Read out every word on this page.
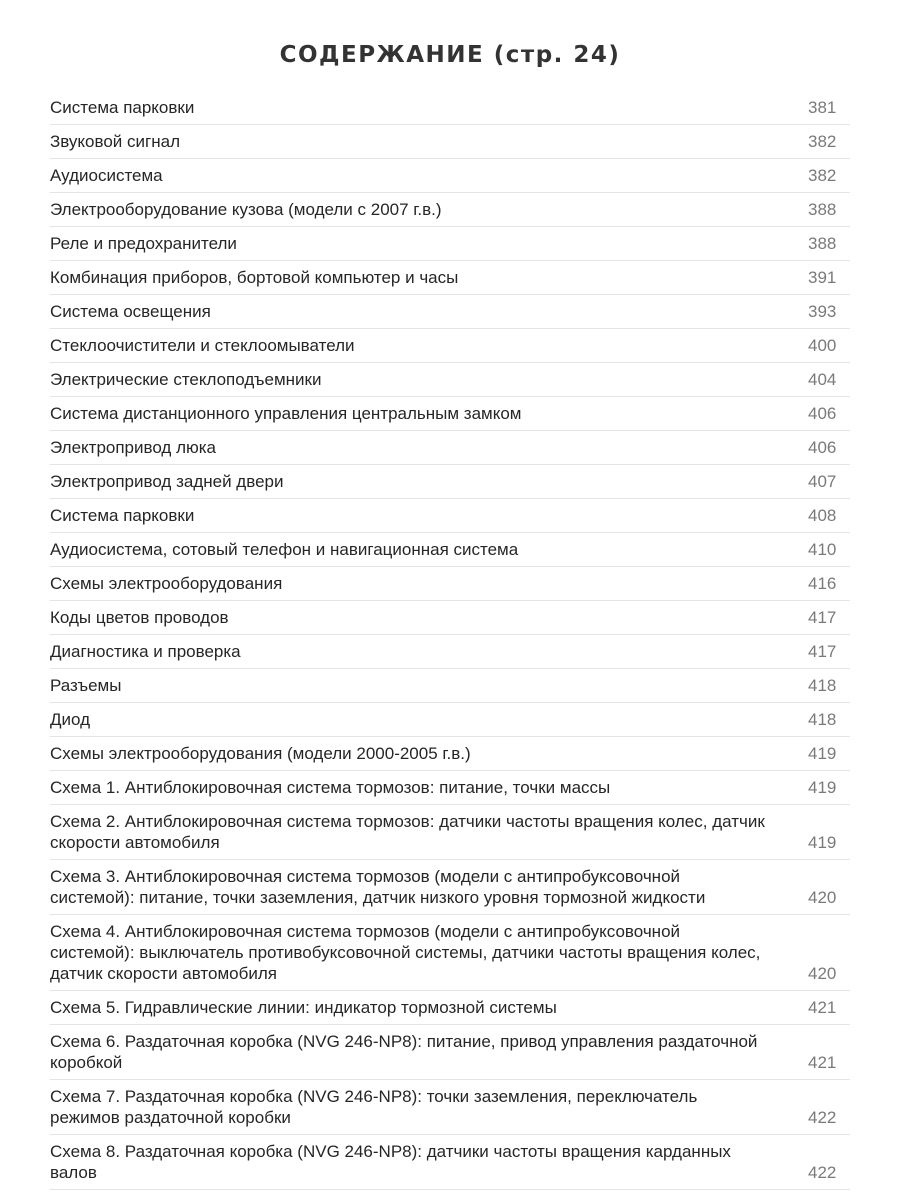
СОДЕРЖАНИЕ (стр. 24)
Система парковки	381
Звуковой сигнал	382
Аудиосистема	382
Электрооборудование кузова (модели с 2007 г.в.)	388
Реле и предохранители	388
Комбинация приборов, бортовой компьютер и часы	391
Система освещения	393
Стеклоочистители и стеклоомыватели	400
Электрические стеклоподъемники	404
Система дистанционного управления центральным замком	406
Электропривод люка	406
Электропривод задней двери	407
Система парковки	408
Аудиосистема, сотовый телефон и навигационная система	410
Схемы электрооборудования	416
Коды цветов проводов	417
Диагностика и проверка	417
Разъемы	418
Диод	418
Схемы электрооборудования (модели 2000-2005 г.в.)	419
Схема 1. Антиблокировочная система тормозов: питание, точки массы	419
Схема 2. Антиблокировочная система тормозов: датчики частоты вращения колес, датчик скорости автомобиля	419
Схема 3. Антиблокировочная система тормозов (модели с антипробуксовочной системой): питание, точки заземления, датчик низкого уровня тормозной жидкости	420
Схема 4. Антиблокировочная система тормозов (модели с антипробуксовочной системой): выключатель противобуксовочной системы, датчики частоты вращения колес, датчик скорости автомобиля	420
Схема 5. Гидравлические линии: индикатор тормозной системы	421
Схема 6. Раздаточная коробка (NVG 246-NP8): питание, привод управления раздаточной коробкой	421
Схема 7. Раздаточная коробка (NVG 246-NP8): точки заземления, переключатель режимов раздаточной коробки	422
Схема 8. Раздаточная коробка (NVG 246-NP8): датчики частоты вращения карданных валов	422
